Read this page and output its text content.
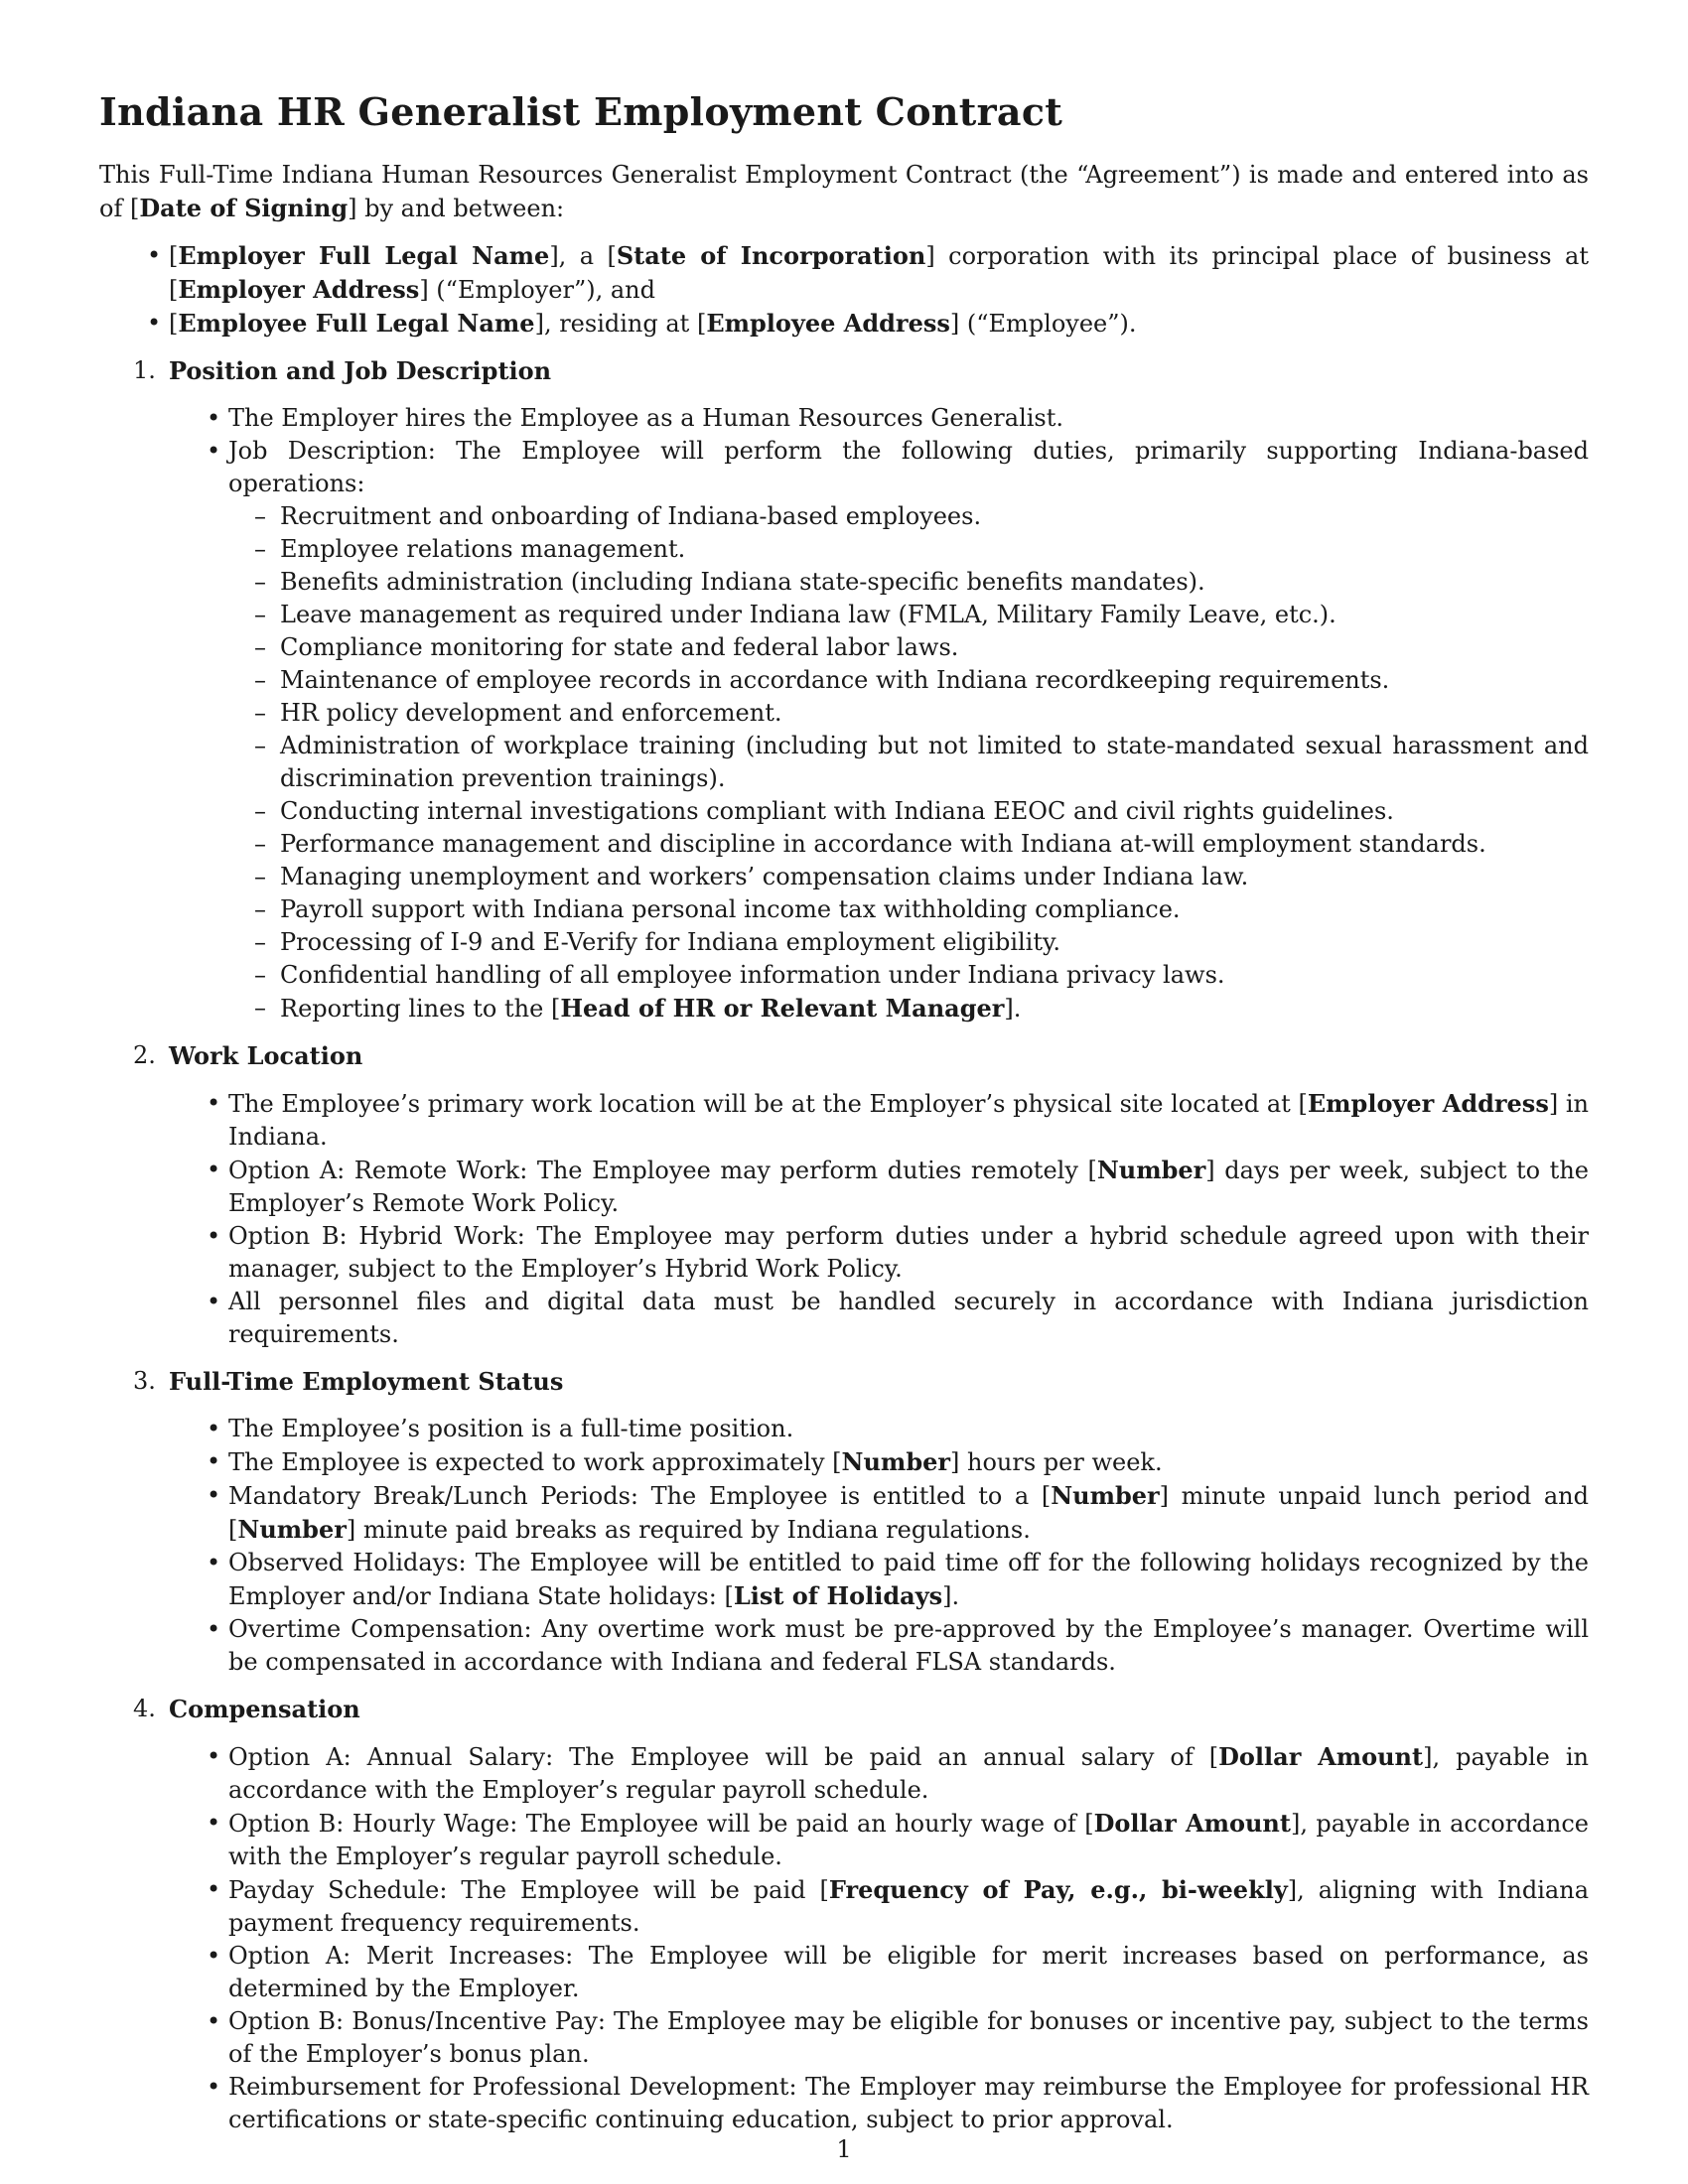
Indiana HR Generalist Employment Contract

This Full-Time Indiana Human Resources Generalist Employment Contract (the “Agreement”) is made and entered into as of [Date of Signing] by and between:

• [Employer Full Legal Name], a [State of Incorporation] corporation with its principal place of business at [Employer Address] (“Employer”), and
• [Employee Full Legal Name], residing at [Employee Address] (“Employee”).
1. Position and Job Description
• The Employer hires the Employee as a Human Resources Generalist.
• Job Description: The Employee will perform the following duties, primarily supporting Indiana-based operations:
– Recruitment and onboarding of Indiana-based employees.
– Employee relations management.
– Benefits administration (including Indiana state-specific benefits mandates).
– Leave management as required under Indiana law (FMLA, Military Family Leave, etc.).
– Compliance monitoring for state and federal labor laws.
– Maintenance of employee records in accordance with Indiana recordkeeping requirements.
– HR policy development and enforcement.
– Administration of workplace training (including but not limited to state-mandated sexual harassment and discrimination prevention trainings).
– Conducting internal investigations compliant with Indiana EEOC and civil rights guidelines.
– Performance management and discipline in accordance with Indiana at-will employment standards.
– Managing unemployment and workers’ compensation claims under Indiana law.
– Payroll support with Indiana personal income tax withholding compliance.
– Processing of I-9 and E-Verify for Indiana employment eligibility.
– Confidential handling of all employee information under Indiana privacy laws.
– Reporting lines to the [Head of HR or Relevant Manager].
2. Work Location
• The Employee’s primary work location will be at the Employer’s physical site located at [Employer Address] in Indiana.
• Option A: Remote Work: The Employee may perform duties remotely [Number] days per week, subject to the Employer’s Remote Work Policy.
• Option B: Hybrid Work: The Employee may perform duties under a hybrid schedule agreed upon with their manager, subject to the Employer’s Hybrid Work Policy.
• All personnel files and digital data must be handled securely in accordance with Indiana jurisdiction requirements.
3. Full-Time Employment Status
• The Employee’s position is a full-time position.
• The Employee is expected to work approximately [Number] hours per week.
• Mandatory Break/Lunch Periods: The Employee is entitled to a [Number] minute unpaid lunch period and [Number] minute paid breaks as required by Indiana regulations.
• Observed Holidays: The Employee will be entitled to paid time off for the following holidays recognized by the Employer and/or Indiana State holidays: [List of Holidays].
• Overtime Compensation: Any overtime work must be pre-approved by the Employee’s manager. Overtime will be compensated in accordance with Indiana and federal FLSA standards.
4. Compensation
• Option A: Annual Salary: The Employee will be paid an annual salary of [Dollar Amount], payable in accordance with the Employer’s regular payroll schedule.
• Option B: Hourly Wage: The Employee will be paid an hourly wage of [Dollar Amount], payable in accordance with the Employer’s regular payroll schedule.
• Payday Schedule: The Employee will be paid [Frequency of Pay, e.g., bi-weekly], aligning with Indiana payment frequency requirements.
• Option A: Merit Increases: The Employee will be eligible for merit increases based on performance, as determined by the Employer.
• Option B: Bonus/Incentive Pay: The Employee may be eligible for bonuses or incentive pay, subject to the terms of the Employer’s bonus plan.
• Reimbursement for Professional Development: The Employer may reimburse the Employee for professional HR certifications or state-specific continuing education, subject to prior approval.
1
